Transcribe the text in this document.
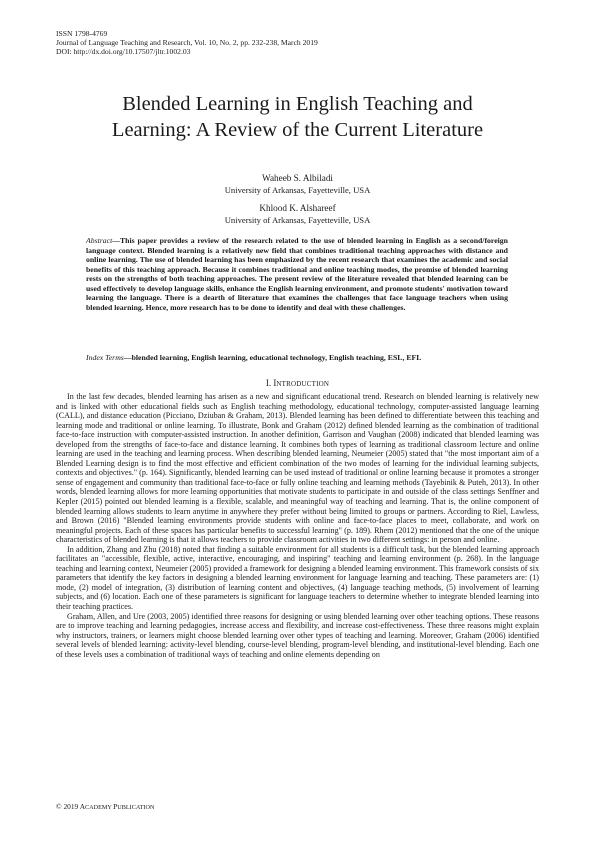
ISSN 1798-4769
Journal of Language Teaching and Research, Vol. 10, No. 2, pp. 232-238, March 2019
DOI: http://dx.doi.org/10.17507/jltr.1002.03
Blended Learning in English Teaching and
Learning: A Review of the Current Literature
Waheeb S. Albiladi
University of Arkansas, Fayetteville, USA
Khlood K. Alshareef
University of Arkansas, Fayetteville, USA
Abstract—This paper provides a review of the research related to the use of blended learning in English as a second/foreign language context. Blended learning is a relatively new field that combines traditional teaching approaches with distance and online learning. The use of blended learning has been emphasized by the recent research that examines the academic and social benefits of this teaching approach. Because it combines traditional and online teaching modes, the promise of blended learning rests on the strengths of both teaching approaches. The present review of the literature revealed that blended learning can be used effectively to develop language skills, enhance the English learning environment, and promote students' motivation toward learning the language. There is a dearth of literature that examines the challenges that face language teachers when using blended learning. Hence, more research has to be done to identify and deal with these challenges.
Index Terms—blended learning, English learning, educational technology, English teaching, ESL, EFL
I. INTRODUCTION

In the last few decades, blended learning has arisen as a new and significant educational trend. Research on blended learning is relatively new and is linked with other educational fields such as English teaching methodology, educational technology, computer-assisted language learning (CALL), and distance education (Picciano, Dziuban & Graham, 2013). Blended learning has been defined to differentiate between this teaching and learning mode and traditional or online learning. To illustrate, Bonk and Graham (2012) defined blended learning as the combination of traditional face-to-face instruction with computer-assisted instruction. In another definition, Garrison and Vaughan (2008) indicated that blended learning was developed from the strengths of face-to-face and distance learning. It combines both types of learning as traditional classroom lecture and online learning are used in the teaching and learning process. When describing blended learning, Neumeier (2005) stated that "the most important aim of a Blended Learning design is to find the most effective and efficient combination of the two modes of learning for the individual learning subjects, contexts and objectives." (p. 164). Significantly, blended learning can be used instead of traditional or online learning because it promotes a stronger sense of engagement and community than traditional face-to-face or fully online teaching and learning methods (Tayebinik & Puteh, 2013). In other words, blended learning allows for more learning opportunities that motivate students to participate in and outside of the class settings Senffner and Kepler (2015) pointed out blended learning is a flexible, scalable, and meaningful way of teaching and learning. That is, the online component of blended learning allows students to learn anytime in anywhere they prefer without being limited to groups or partners. According to Riel, Lawless, and Brown (2016) "Blended learning environments provide students with online and face-to-face places to meet, collaborate, and work on meaningful projects. Each of these spaces has particular benefits to successful learning" (p. 189). Rhem (2012) mentioned that the one of the unique characteristics of blended learning is that it allows teachers to provide classroom activities in two different settings: in person and online.

In addition, Zhang and Zhu (2018) noted that finding a suitable environment for all students is a difficult task, but the blended learning approach facilitates an "accessible, flexible, active, interactive, encouraging, and inspiring" teaching and learning environment (p. 268). In the language teaching and learning context, Neumeier (2005) provided a framework for designing a blended learning environment. This framework consists of six parameters that identify the key factors in designing a blended learning environment for language learning and teaching. These parameters are: (1) mode, (2) model of integration, (3) distribution of learning content and objectives, (4) language teaching methods, (5) involvement of learning subjects, and (6) location. Each one of these parameters is significant for language teachers to determine whether to integrate blended learning into their teaching practices.

Graham, Allen, and Ure (2003, 2005) identified three reasons for designing or using blended learning over other teaching options. These reasons are to improve teaching and learning pedagogies, increase access and flexibility, and increase cost-effectiveness. These three reasons might explain why instructors, trainers, or learners might choose blended learning over other types of teaching and learning. Moreover, Graham (2006) identified several levels of blended learning: activity-level blending, course-level blending, program-level blending, and institutional-level blending. Each one of these levels uses a combination of traditional ways of teaching and online elements depending on

© 2019 ACADEMY PUBLICATION
